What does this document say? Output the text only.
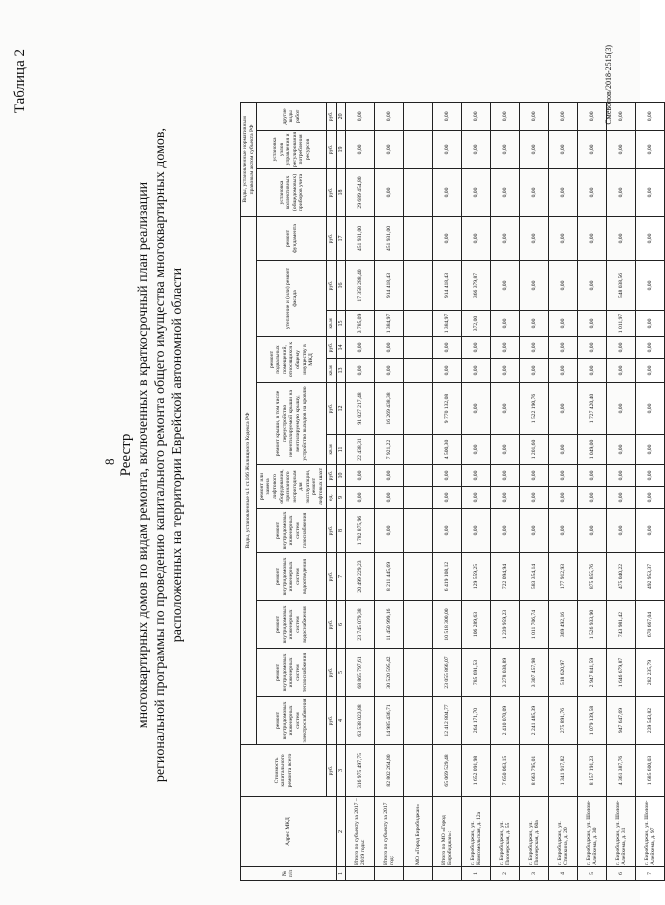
Таблица 2
8 Реестр многоквартирных домов по видам ремонта, включенных в краткосрочный план реализации региональной программы по проведению капитального ремонта общего имущества многоквартирных домов, расположенных на территории Еврейской автономной области
№ п/п	Адрес МКД	Стоимость капитального ремонта всего	Виды, установленные ч.1 ст.166 Жилищного Кодекса РФ														Виды, установленные нормативным правовым актом субъекта РФ		
			ремонт внутридомовых инженерных систем электроснабжения	ремонт внутридомовых инженерных систем теплоснабжения	ремонт внутридомовых инженерных систем водоснабжения	ремонт внутридомовых инженерных систем водоотведения	ремонт внутридомовых инженерных систем газоснабжения	ремонт или замена лифтового оборудования, признанного непригодным для эксплуатации, ремонт лифтовых шахт		ремонт крыши, в том числе переустройство невентилируемой крыши на вентилируемую крышу, устройство выходов на кровлю		ремонт подвальных помещений, относящихся к общему имуществу в МКД		утепление и (или) ремонт фасада		ремонт фундамента	установка коллективных (общедомовых) приборов учета	установка узлов управления и регулирования потребления ресурсов	другие виды работ
		руб.	руб.	руб.	руб.	руб.	руб.	ед.	руб.	кв.м	руб.	кв.м	руб.	кв.м	руб.	руб.	руб.	руб.	руб.
1	2	3	4	5	6	7	8	9	10	11	12	13	14	15	16	17	18	19	20
	Итого по субъекту за 2017 – 2019 годы:	316 975 497,75	63 538 023,88	68 865 797,61	23 745 079,38	20 499 229,23	1 782 875,96	0,00	0,00	22 438,31	91 027 217,48	0,00	0,00	3 785,09	17 358 288,40	451 931,00	29 689 454,80	0,00	0,00
	Итого по субъекту за 2017 год:	82 802 264,80	14 985 436,71	30 520 595,42	11 450 999,16	8 211 445,69	0,00	0,00	0,00	7 921,22	16 269 438,38	0,00	0,00	1 384,97	914 418,43	451 931,00	0,00	0,00	0,00
	МО «Город Биробиджан»																		
	Итого по МО «Город Биробиджан»:	65 069 529,48	12 412 804,77	23 055 866,07	10 518 300,00	6 419 108,12	0,00	0,00	0,00	4 500,30	9 770 132,08	0,00	0,00	1 384,97	914 418,43	0,00	0,00	0,00	0,00
1	г. Биробиджан, ул. Комсомольская, д. 12а	1 652 091,98	264 171,70	785 691,53	106 289,63	129 559,25	0,00	0,00	0,00	0,00	0,00	0,00	0,00	372,00	366 379,87	0,00	0,00	0,00	0,00
2	г. Биробиджан, ул. Пионерская, д. 55	7 650 063,15	2 410 070,09	3 278 038,89	1 239 959,23	722 094,94	0,00	0,00	0,00	0,00	0,00	0,00	0,00	0,00	0,00	0,00	0,00	0,00	0,00
3	г. Биробиджан, ул. Пионерская, д. 60а	8 663 795,01	2 241 485,39	3 307 457,98	1 011 706,74	583 354,14	0,00	0,00	0,00	1 201,60	1 522 190,76	0,00	0,00	0,00	0,00	0,00	0,00	0,00	0,00
4	г. Биробиджан, ул. Стяжкина, д. 20	1 341 917,82	275 891,76	518 620,97	369 492,16	177 912,93	0,00	0,00	0,00	0,00	0,00	0,00	0,00	0,00	0,00	0,00	0,00	0,00	0,00
5	г. Биробиджан, ул. Шолом-Алейхема, д. 30	8 157 191,23	1 079 139,58	2 947 841,59	1 526 933,90	875 855,76	0,00	0,00	0,00	1 049,00	1 727 420,40	0,00	0,00	0,00	0,00	0,00	0,00	0,00	0,00
6	г. Биробиджан, ул. Шолом-Алейхема, д. 31	4 361 387,76	947 647,69	1 646 679,87	743 981,42	475 040,22	0,00	0,00	0,00	0,00	0,00	0,00	0,00	1 011,97	548 038,56	0,00	0,00	0,00	0,00
7	г. Биробиджан, ул. Шолом-Алейхема, д. 97	1 685 600,03	239 543,82	282 235,79	670 667,04	492 953,37	0,00	0,00	0,00	0,00	0,00	0,00	0,00	0,00	0,00	0,00	0,00	0,00	0,00
Смеволов/2018-2515(3)
